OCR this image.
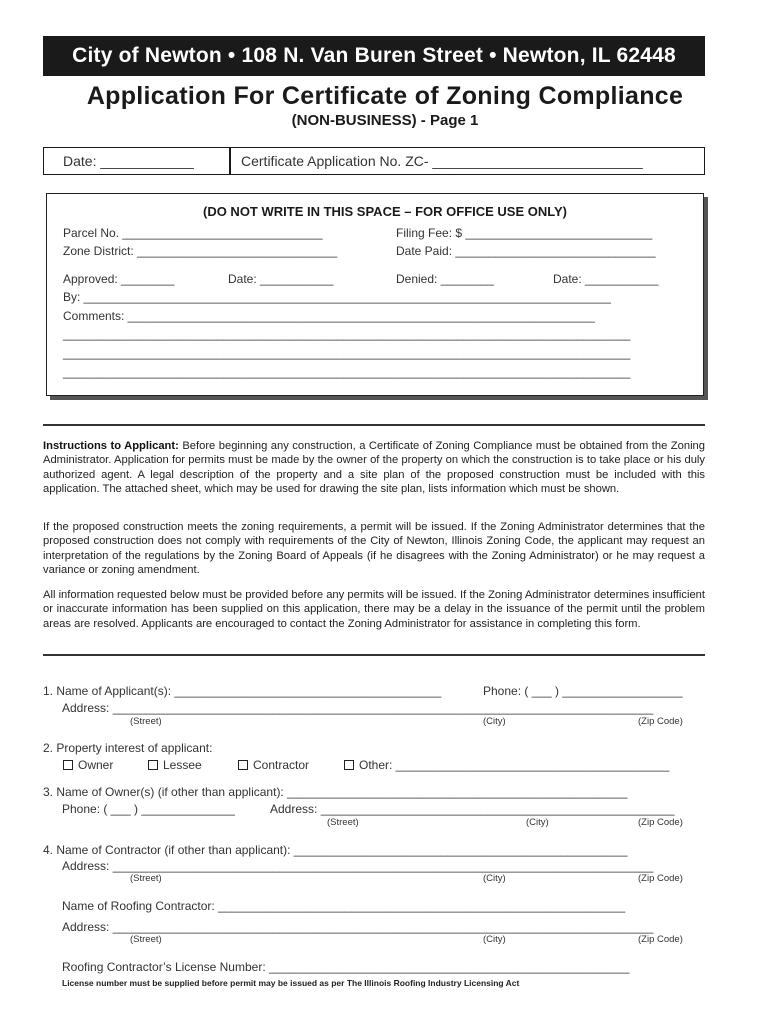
City of Newton • 108 N. Van Buren Street • Newton, IL 62448
Application For Certificate of Zoning Compliance
(NON-BUSINESS) - Page 1
Date: ____________	Certificate Application No. ZC- ___________________________
(DO NOT WRITE IN THIS SPACE – FOR OFFICE USE ONLY)
Parcel No. ______________________________
Zone District: ______________________________
Filing Fee: $ ____________________________
Date Paid: ______________________________
Approved: ________	Date: ___________	Denied: ________	Date: ___________
By: _______________________________________________________________________________
Comments: ______________________________________________________________________
_____________________________________________________________________________________
_____________________________________________________________________________________
_____________________________________________________________________________________
Instructions to Applicant: Before beginning any construction, a Certificate of Zoning Compliance must be obtained from the Zoning Administrator. Application for permits must be made by the owner of the property on which the construction is to take place or his duly authorized agent. A legal description of the property and a site plan of the proposed construction must be included with this application. The attached sheet, which may be used for drawing the site plan, lists information which must be shown.
If the proposed construction meets the zoning requirements, a permit will be issued. If the Zoning Administrator determines that the proposed construction does not comply with requirements of the City of Newton, Illinois Zoning Code, the applicant may request an interpretation of the regulations by the Zoning Board of Appeals (if he disagrees with the Zoning Administrator) or he may request a variance or zoning amendment.
All information requested below must be provided before any permits will be issued. If the Zoning Administrator determines insufficient or inaccurate information has been supplied on this application, there may be a delay in the issuance of the permit until the problem areas are resolved. Applicants are encouraged to contact the Zoning Administrator for assistance in completing this form.
1. Name of Applicant(s): ________________________________________	Phone: ( ___ ) __________________
Address: _________________________________________________________________________________
(Street)	(City)	(Zip Code)
2. Property interest of applicant:
Owner	Lessee	Contractor	Other: _________________________________________
3. Name of Owner(s) (if other than applicant): ___________________________________________________
Phone: ( ___ ) ______________	Address: _____________________________________________________
(Street)	(City)	(Zip Code)
4. Name of Contractor (if other than applicant): __________________________________________________
Address: _________________________________________________________________________________
(Street)	(City)	(Zip Code)
Name of Roofing Contractor: _____________________________________________________________
Address: _________________________________________________________________________________
(Street)	(City)	(Zip Code)
Roofing Contractor’s License Number: ______________________________________________________
License number must be supplied before permit may be issued as per The Illinois Roofing Industry Licensing Act
